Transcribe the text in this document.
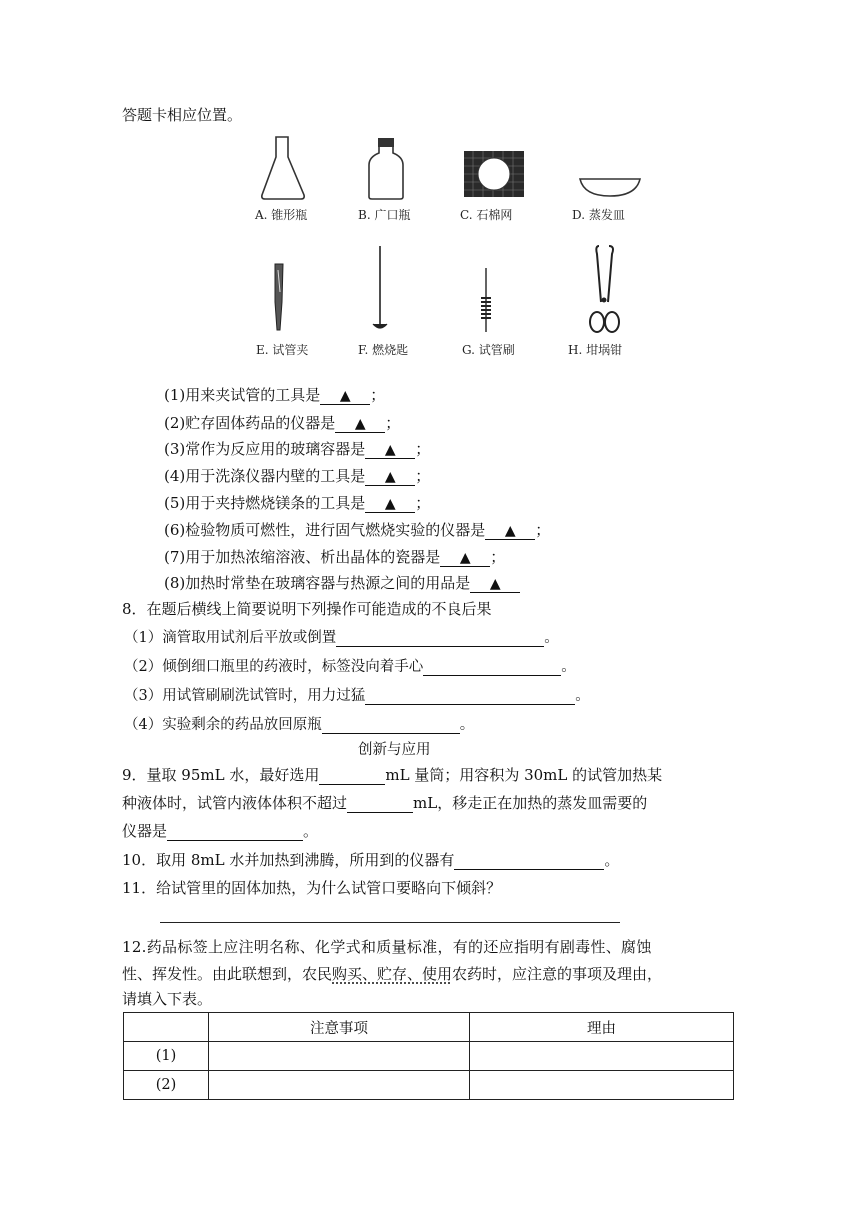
答题卡相应位置。
A. 锥形瓶	B. 广口瓶	C. 石棉网	D. 蒸发皿
E. 试管夹	F. 燃烧匙	G. 试管刷	H. 坩埚钳
(1)用来夹试管的工具是 ▲ ；
(2)贮存固体药品的仪器是 ▲ ；
(3)常作为反应用的玻璃容器是 ▲ ；
(4)用于洗涤仪器内壁的工具是 ▲ ；
(5)用于夹持燃烧镁条的工具是 ▲ ；
(6)检验物质可燃性，进行固气燃烧实验的仪器是 ▲ ；
(7)用于加热浓缩溶液、析出晶体的瓷器是 ▲ ；
(8)加热时常垫在玻璃容器与热源之间的用品是 ▲
8．在题后横线上简要说明下列操作可能造成的不良后果
（1）滴管取用试剂后平放或倒置	。
（2）倾倒细口瓶里的药液时，标签没向着手心	。
（3）用试管刷刷洗试管时，用力过猛	。
（4）实验剩余的药品放回原瓶	。
创新与应用
9．量取 95mL 水，最好选用	mL 量筒；用容积为 30mL 的试管加热某
种液体时，试管内液体体积不超过	mL，移走正在加热的蒸发皿需要的
仪器是	。
10．取用 8mL 水并加热到沸腾，所用到的仪器有	。
11．给试管里的固体加热，为什么试管口要略向下倾斜？
12.药品标签上应注明名称、化学式和质量标准，有的还应指明有剧毒性、腐蚀
性、挥发性。由此联想到，农民购买、贮存、使用农药时，应注意的事项及理由，
请填入下表。
	注意事项	理由
(1)		
(2)		
